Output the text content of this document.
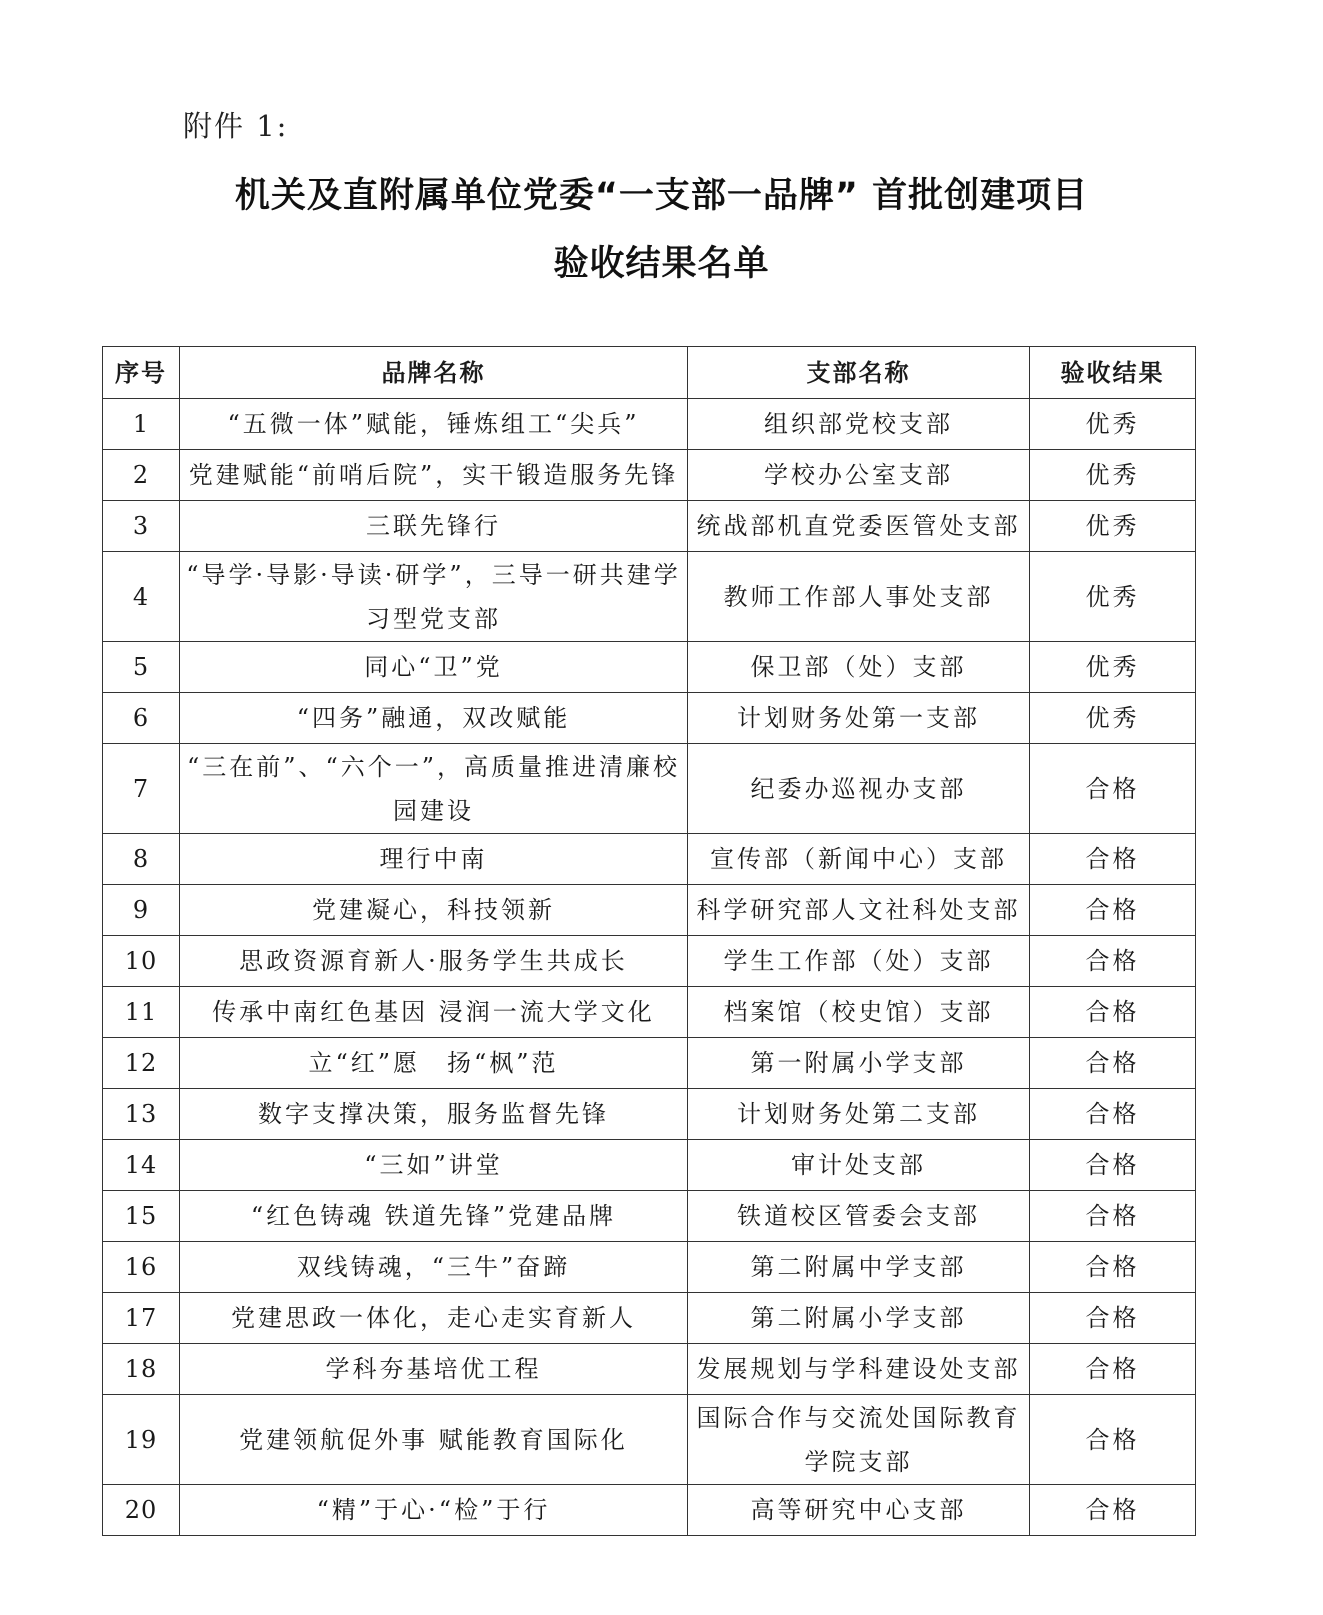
附件 1:
机关及直附属单位党委“一支部一品牌” 首批创建项目
验收结果名单
序号	品牌名称	支部名称	验收结果
1	“五微一体”赋能，锤炼组工“尖兵”	组织部党校支部	优秀
2	党建赋能“前哨后院”，实干锻造服务先锋	学校办公室支部	优秀
3	三联先锋行	统战部机直党委医管处支部	优秀
4	“导学·导影·导读·研学”，三导一研共建学习型党支部	教师工作部人事处支部	优秀
5	同心“卫”党	保卫部（处）支部	优秀
6	“四务”融通，双改赋能	计划财务处第一支部	优秀
7	“三在前”、“六个一”，高质量推进清廉校园建设	纪委办巡视办支部	合格
8	理行中南	宣传部（新闻中心）支部	合格
9	党建凝心，科技领新	科学研究部人文社科处支部	合格
10	思政资源育新人·服务学生共成长	学生工作部（处）支部	合格
11	传承中南红色基因 浸润一流大学文化	档案馆（校史馆）支部	合格
12	立“红”愿　扬“枫”范	第一附属小学支部	合格
13	数字支撑决策，服务监督先锋	计划财务处第二支部	合格
14	“三如”讲堂	审计处支部	合格
15	“红色铸魂 铁道先锋”党建品牌	铁道校区管委会支部	合格
16	双线铸魂，“三牛”奋蹄	第二附属中学支部	合格
17	党建思政一体化，走心走实育新人	第二附属小学支部	合格
18	学科夯基培优工程	发展规划与学科建设处支部	合格
19	党建领航促外事 赋能教育国际化	国际合作与交流处国际教育学院支部	合格
20	“精”于心·“检”于行	高等研究中心支部	合格
